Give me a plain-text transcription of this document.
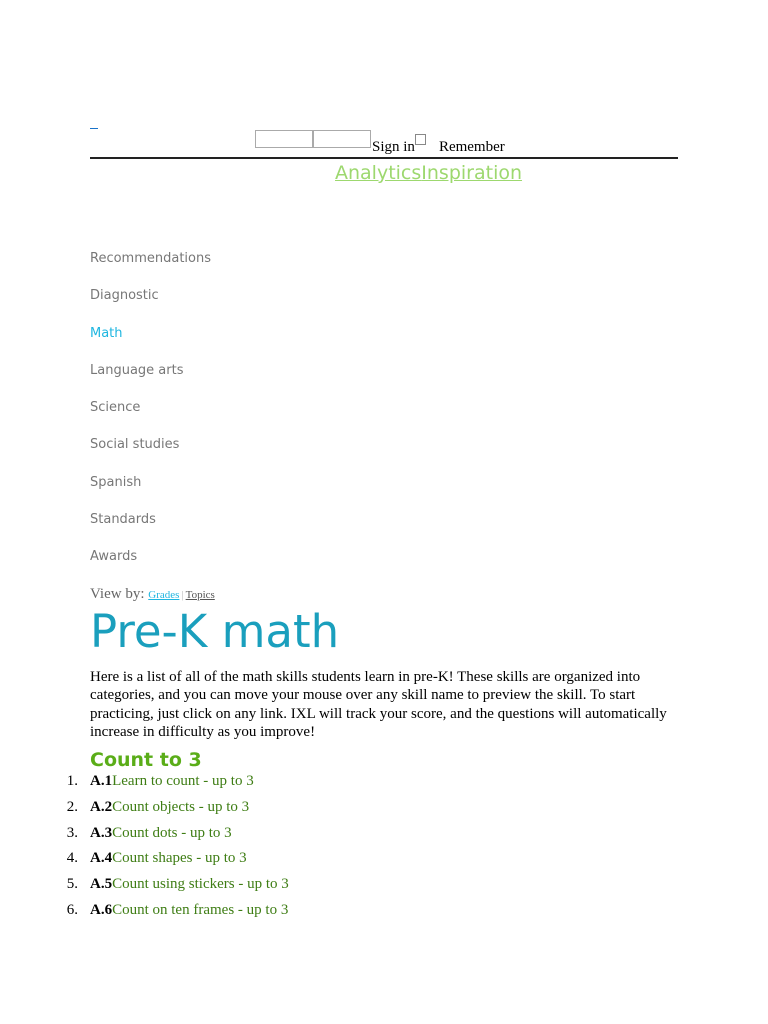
Sign in Remember
AnalyticsInspiration
Recommendations
Diagnostic
Math
Language arts
Science
Social studies
Spanish
Standards
Awards
View by: Grades | Topics
Pre-K math

Here is a list of all of the math skills students learn in pre-K! These skills are organized into categories, and you can move your mouse over any skill name to preview the skill. To start practicing, just click on any link. IXL will track your score, and the questions will automatically increase in difficulty as you improve!

Count to 3
1. A.1Learn to count - up to 3
2. A.2Count objects - up to 3
3. A.3Count dots - up to 3
4. A.4Count shapes - up to 3
5. A.5Count using stickers - up to 3
6. A.6Count on ten frames - up to 3
